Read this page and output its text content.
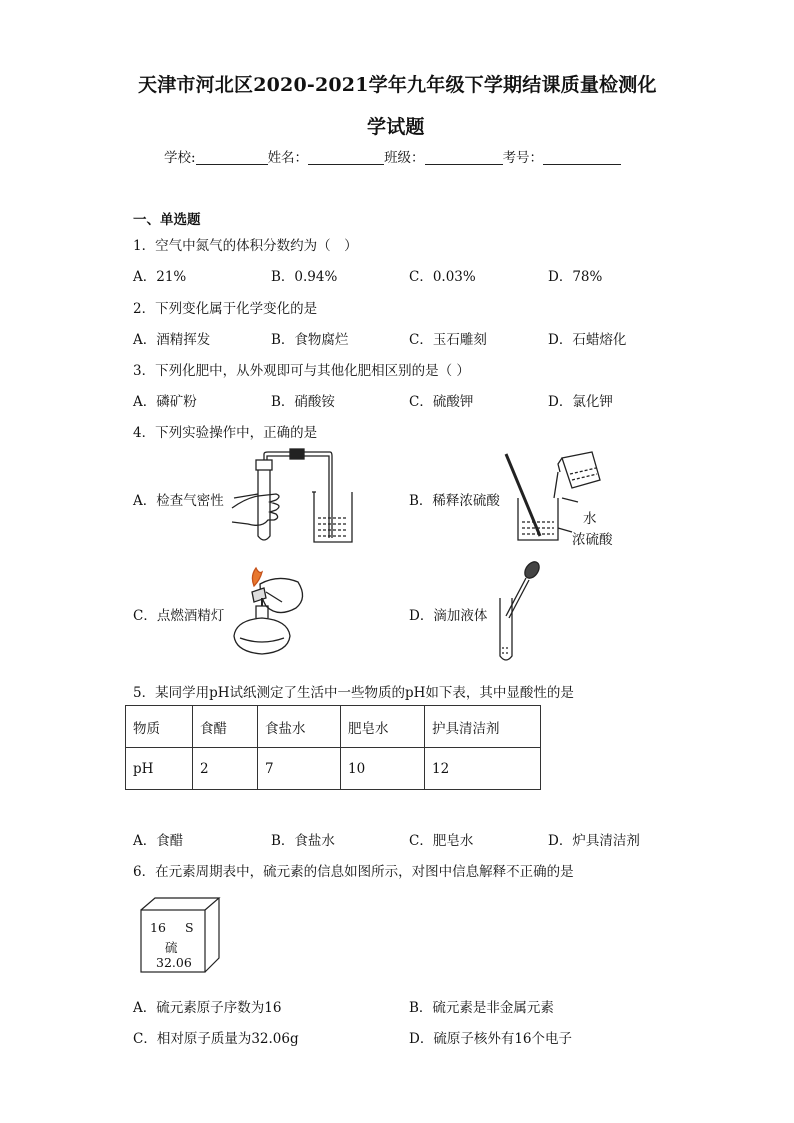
天津市河北区2020-2021学年九年级下学期结课质量检测化
学试题
学校:	姓名：	班级：	考号：
一、单选题
1．空气中氮气的体积分数约为（　）
A．21%	B．0.94%	C．0.03%	D．78%
2．下列变化属于化学变化的是
A．酒精挥发	B．食物腐烂	C．玉石雕刻	D．石蜡熔化
3．下列化肥中，从外观即可与其他化肥相区别的是（ ）
A．磷矿粉	B．硝酸铵	C．硫酸钾	D．氯化钾
4．下列实验操作中，正确的是
A．检查气密性	B．稀释浓硫酸
水
浓硫酸
C．点燃酒精灯	D．滴加液体
5．某同学用pH试纸测定了生活中一些物质的pH如下表，其中显酸性的是
物质	食醋	食盐水	肥皂水	护具清洁剂
pH	2	7	10	12
A．食醋	B．食盐水	C．肥皂水	D．炉具清洁剂
6．在元素周期表中，硫元素的信息如图所示，对图中信息解释不正确的是
16 S
硫
32.06
A．硫元素原子序数为16	B．硫元素是非金属元素
C．相对原子质量为32.06g	D．硫原子核外有16个电子
